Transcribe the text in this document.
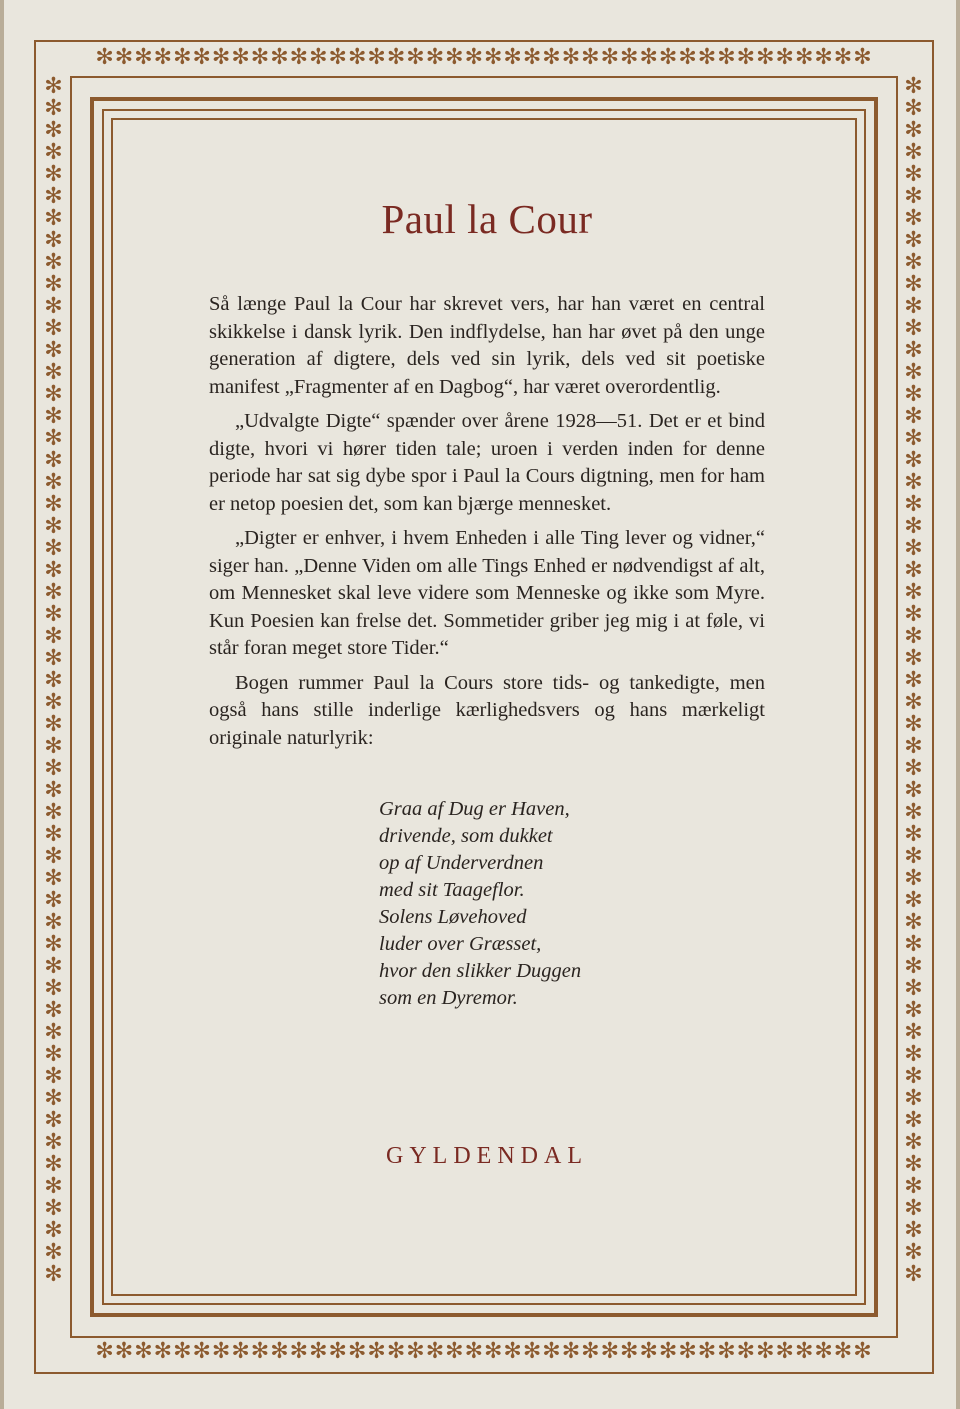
✻✻✻✻✻✻✻✻✻✻✻✻✻✻✻✻✻✻✻✻✻✻✻✻✻✻✻✻✻✻✻✻✻✻✻✻✻✻✻✻
✻✻✻✻✻✻✻✻✻✻✻✻✻✻✻✻✻✻✻✻✻✻✻✻✻✻✻✻✻✻✻✻✻✻✻✻✻✻✻✻
✻✻✻✻✻✻✻✻✻✻✻✻✻✻✻✻✻✻✻✻✻✻✻✻✻✻✻✻✻✻✻✻✻✻✻✻✻✻✻✻✻✻✻✻✻✻✻✻✻✻✻✻✻✻✻
✻✻✻✻✻✻✻✻✻✻✻✻✻✻✻✻✻✻✻✻✻✻✻✻✻✻✻✻✻✻✻✻✻✻✻✻✻✻✻✻✻✻✻✻✻✻✻✻✻✻✻✻✻✻✻
Paul la Cour

Så længe Paul la Cour har skrevet vers, har han været en central skikkelse i dansk lyrik. Den indflydelse, han har øvet på den unge generation af digtere, dels ved sin lyrik, dels ved sit poetiske manifest „Fragmenter af en Dagbog“, har været overordentlig.

„Udvalgte Digte“ spænder over årene 1928—51. Det er et bind digte, hvori vi hører tiden tale; uroen i verden inden for denne periode har sat sig dybe spor i Paul la Cours digtning, men for ham er netop poesien det, som kan bjærge mennesket.

„Digter er enhver, i hvem Enheden i alle Ting lever og vidner,“ siger han. „Denne Viden om alle Tings Enhed er nødvendigst af alt, om Mennesket skal leve videre som Menneske og ikke som Myre. Kun Poesien kan frelse det. Sommetider griber jeg mig i at føle, vi står foran meget store Tider.“

Bogen rummer Paul la Cours store tids- og tankedigte, men også hans stille inderlige kærlighedsvers og hans mærkeligt originale naturlyrik:

Graa af Dug er Haven,
drivende, som dukket
op af Underverdnen
med sit Taageflor.
Solens Løvehoved
luder over Græsset,
hvor den slikker Duggen
som en Dyremor.
GYLDENDAL
